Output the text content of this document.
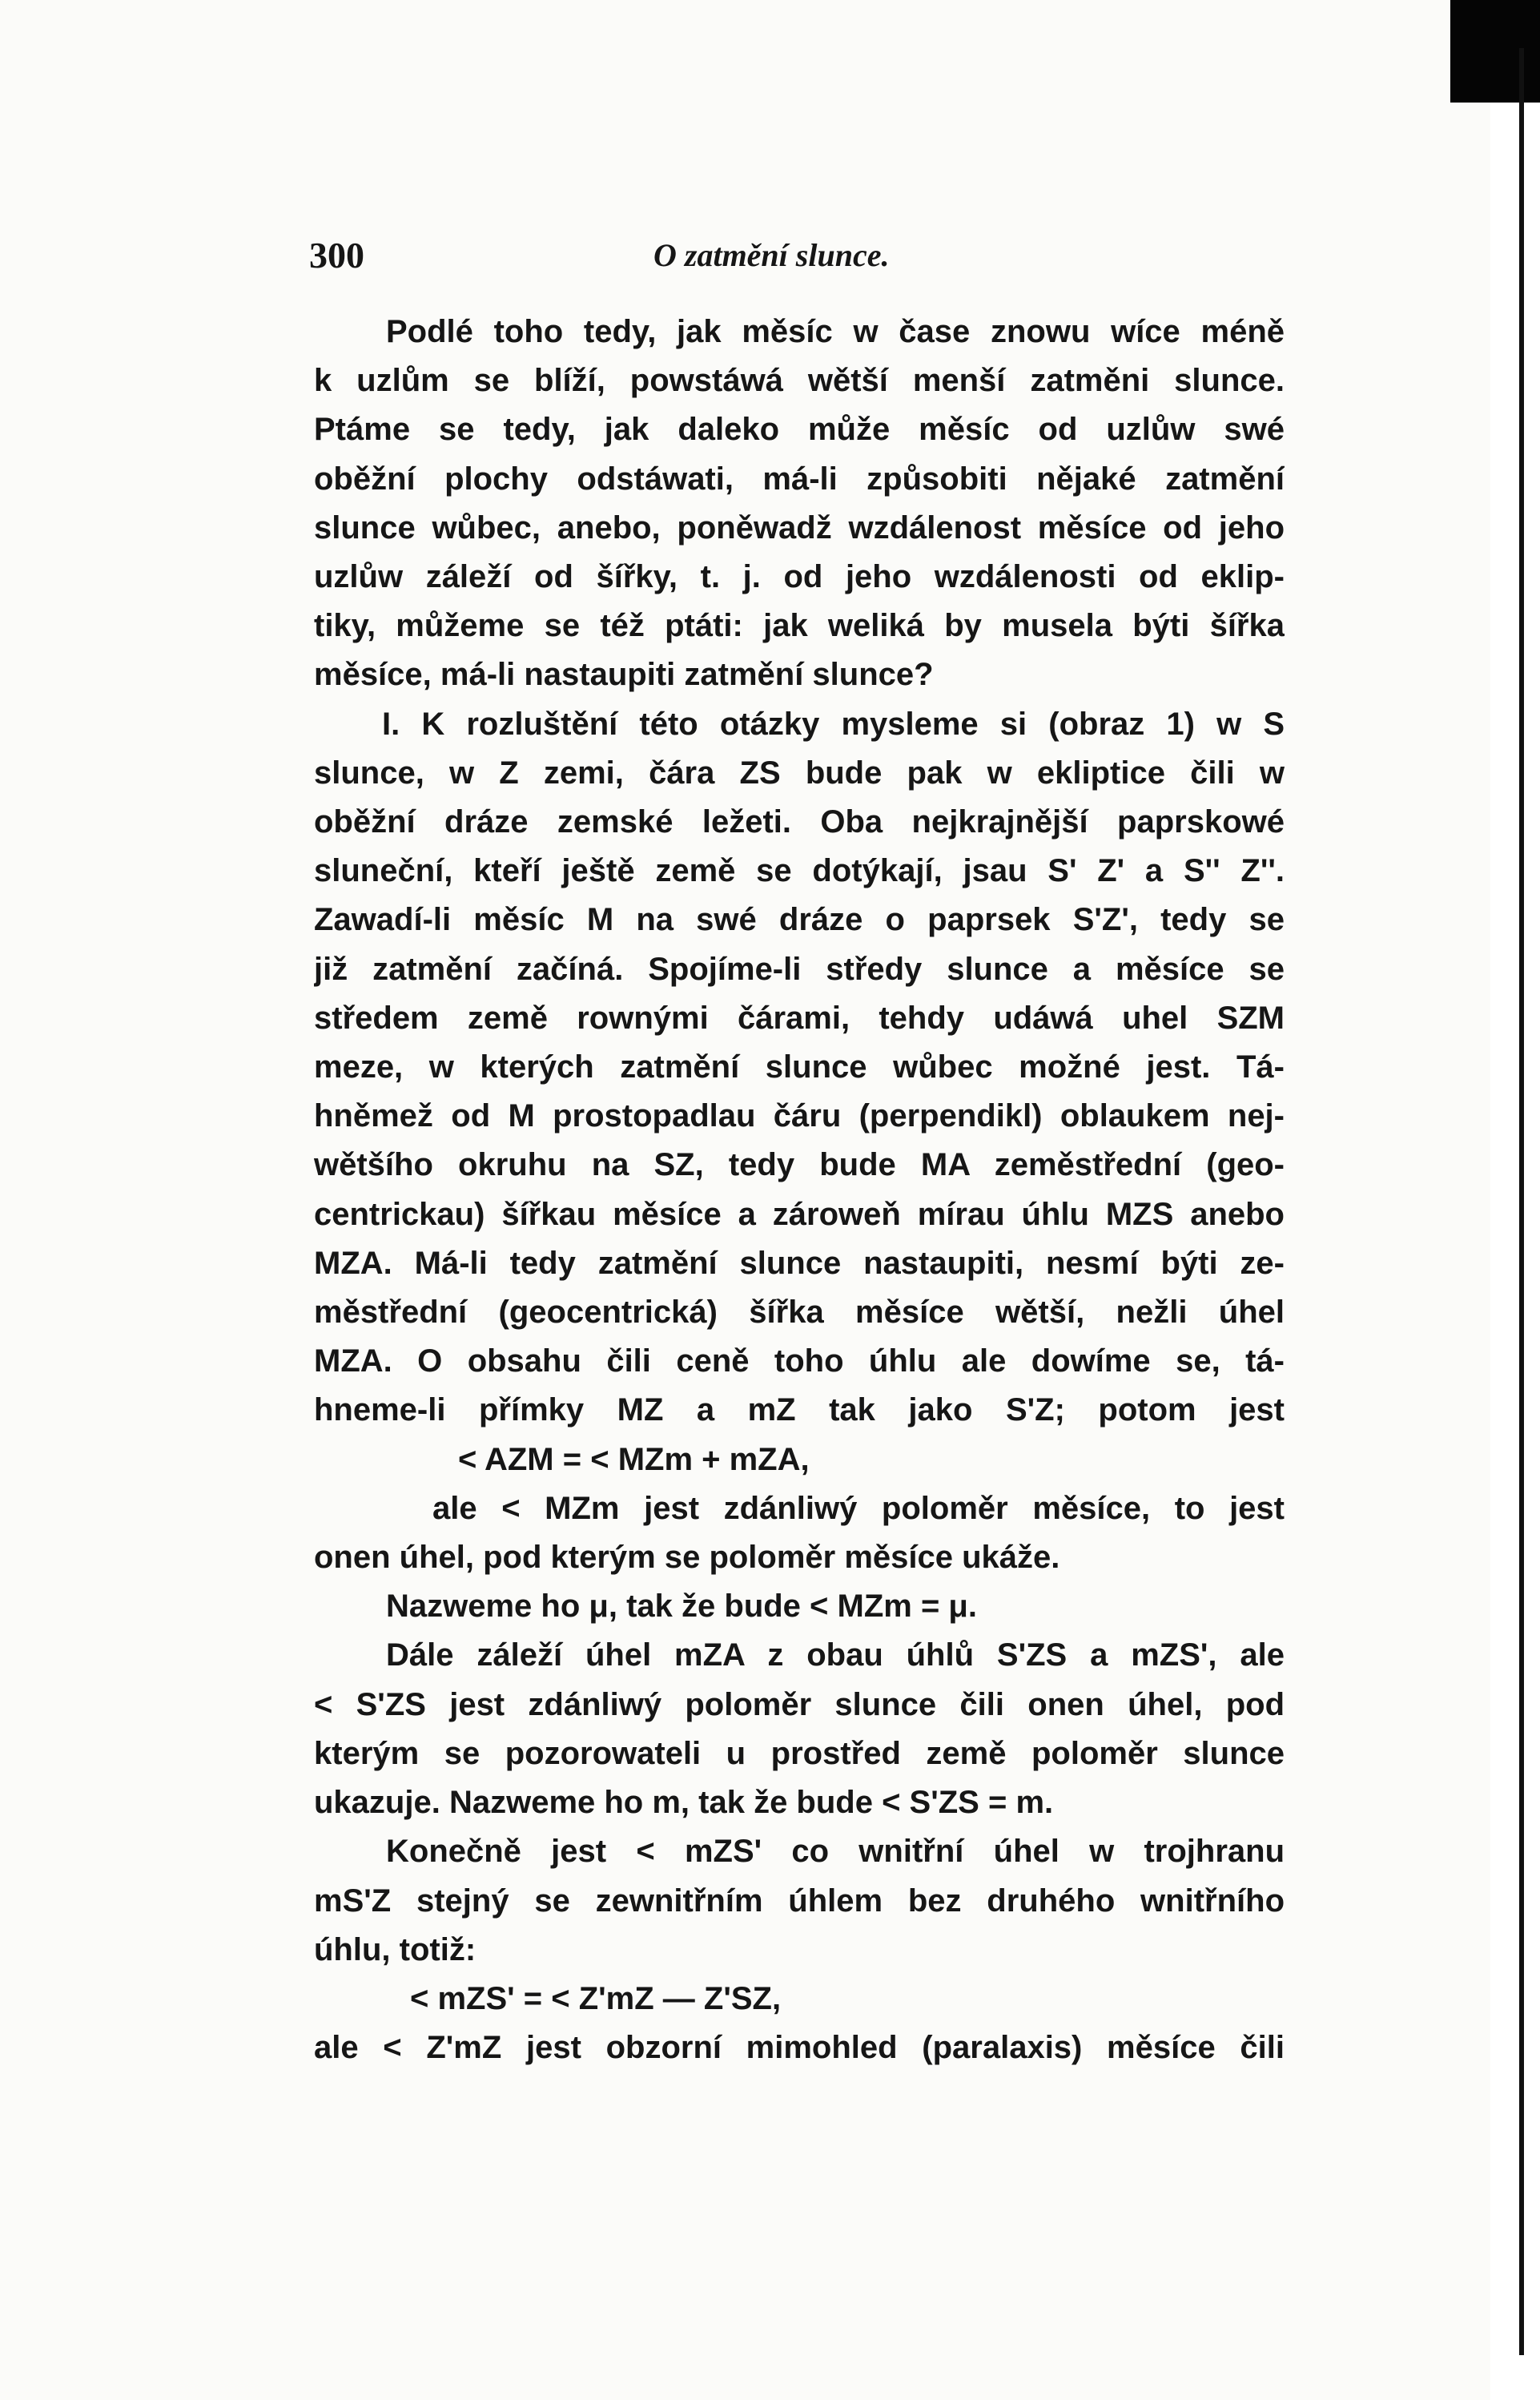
300	O zatmění slunce.
Podlé toho tedy, jak měsíc w čase znowu wíce méně
k uzlům se blíží, powstáwá wětší menší zatměni slunce.
Ptáme se tedy, jak daleko může měsíc od uzlůw swé
oběžní plochy odstáwati, má-li způsobiti nějaké zatmění
slunce wůbec, anebo, poněwadž wzdálenost měsíce od jeho
uzlůw záleží od šířky, t. j. od jeho wzdálenosti od eklip-
tiky, můžeme se též ptáti: jak weliká by musela býti šířka
měsíce, má-li nastaupiti zatmění slunce?
I. K rozluštění této otázky mysleme si (obraz 1) w S
slunce, w Z zemi, čára ZS bude pak w ekliptice čili w
oběžní dráze zemské ležeti. Oba nejkrajnější paprskowé
sluneční, kteří ještě země se dotýkají, jsau S' Z' a S'' Z''.
Zawadí-li měsíc M na swé dráze o paprsek S'Z', tedy se
již zatmění začíná. Spojíme-li středy slunce a měsíce se
středem země rownými čárami, tehdy udáwá uhel SZM
meze, w kterých zatmění slunce wůbec možné jest. Tá-
hněmež od M prostopadlau čáru (perpendikl) oblaukem nej-
wětšího okruhu na SZ, tedy bude MA zeměstřední (geo-
centrickau) šířkau měsíce a zároweň mírau úhlu MZS anebo
MZA. Má-li tedy zatmění slunce nastaupiti, nesmí býti ze-
městřední (geocentrická) šířka měsíce wětší, nežli úhel
MZA. O obsahu čili ceně toho úhlu ale dowíme se, tá-
hneme-li přímky MZ a mZ tak jako S'Z; potom jest
< AZM = < MZm + mZA,
ale < MZm jest zdánliwý poloměr měsíce, to jest
onen úhel, pod kterým se poloměr měsíce ukáže.
Nazweme ho μ, tak že bude < MZm = μ.
Dále záleží úhel mZA z obau úhlů S'ZS a mZS', ale
< S'ZS jest zdánliwý poloměr slunce čili onen úhel, pod
kterým se pozorowateli u prostřed země poloměr slunce
ukazuje. Nazweme ho m, tak že bude < S'ZS = m.
Konečně jest < mZS' co wnitřní úhel w trojhranu
mS'Z stejný se zewnitřním úhlem bez druhého wnitřního
úhlu, totiž:
< mZS' = < Z'mZ — Z'SZ,
ale < Z'mZ jest obzorní mimohled (paralaxis) měsíce čili
